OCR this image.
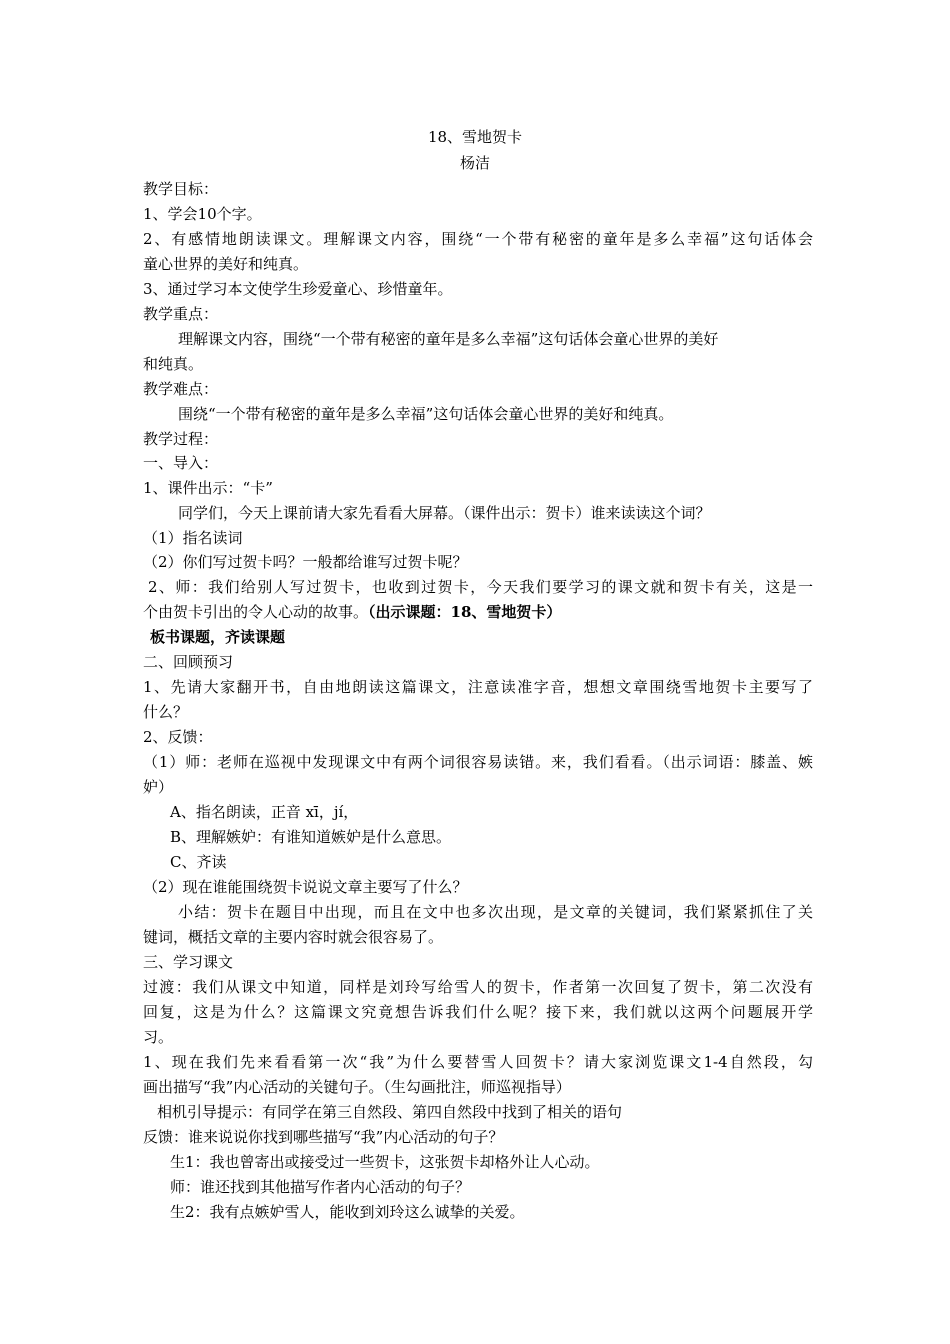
18、雪地贺卡
杨洁
教学目标：
1、学会10个字。
2、有感情地朗读课文。理解课文内容，围绕“一个带有秘密的童年是多么幸福”这句话体会
童心世界的美好和纯真。
3、通过学习本文使学生珍爱童心、珍惜童年。
教学重点：
理解课文内容，围绕“一个带有秘密的童年是多么幸福”这句话体会童心世界的美好
和纯真。
教学难点：
围绕“一个带有秘密的童年是多么幸福”这句话体会童心世界的美好和纯真。
教学过程：
一、导入：
1、课件出示：“卡”
同学们，今天上课前请大家先看看大屏幕。（课件出示：贺卡）谁来读读这个词？
（1）指名读词
（2）你们写过贺卡吗？一般都给谁写过贺卡呢？
2、师：我们给别人写过贺卡，也收到过贺卡，今天我们要学习的课文就和贺卡有关，这是一
个由贺卡引出的令人心动的故事。（出示课题：18、雪地贺卡）
板书课题，齐读课题
二、回顾预习
1、先请大家翻开书，自由地朗读这篇课文，注意读准字音，想想文章围绕雪地贺卡主要写了
什么？
2、反馈：
（1）师：老师在巡视中发现课文中有两个词很容易读错。来，我们看看。（出示词语：膝盖、嫉
妒）
A、指名朗读，正音 xī，jí，
B、理解嫉妒：有谁知道嫉妒是什么意思。
C、齐读
（2）现在谁能围绕贺卡说说文章主要写了什么？
小结：贺卡在题目中出现，而且在文中也多次出现，是文章的关键词，我们紧紧抓住了关
键词，概括文章的主要内容时就会很容易了。
三、学习课文
过渡：我们从课文中知道，同样是刘玲写给雪人的贺卡，作者第一次回复了贺卡，第二次没有
回复，这是为什么？这篇课文究竟想告诉我们什么呢？接下来，我们就以这两个问题展开学
习。
1、现在我们先来看看第一次“我”为什么要替雪人回贺卡？请大家浏览课文1-4自然段，勾
画出描写“我”内心活动的关键句子。（生勾画批注，师巡视指导）
相机引导提示：有同学在第三自然段、第四自然段中找到了相关的语句
反馈：谁来说说你找到哪些描写“我”内心活动的句子？
生1：我也曾寄出或接受过一些贺卡，这张贺卡却格外让人心动。
师：谁还找到其他描写作者内心活动的句子？
生2：我有点嫉妒雪人，能收到刘玲这么诚挚的关爱。
